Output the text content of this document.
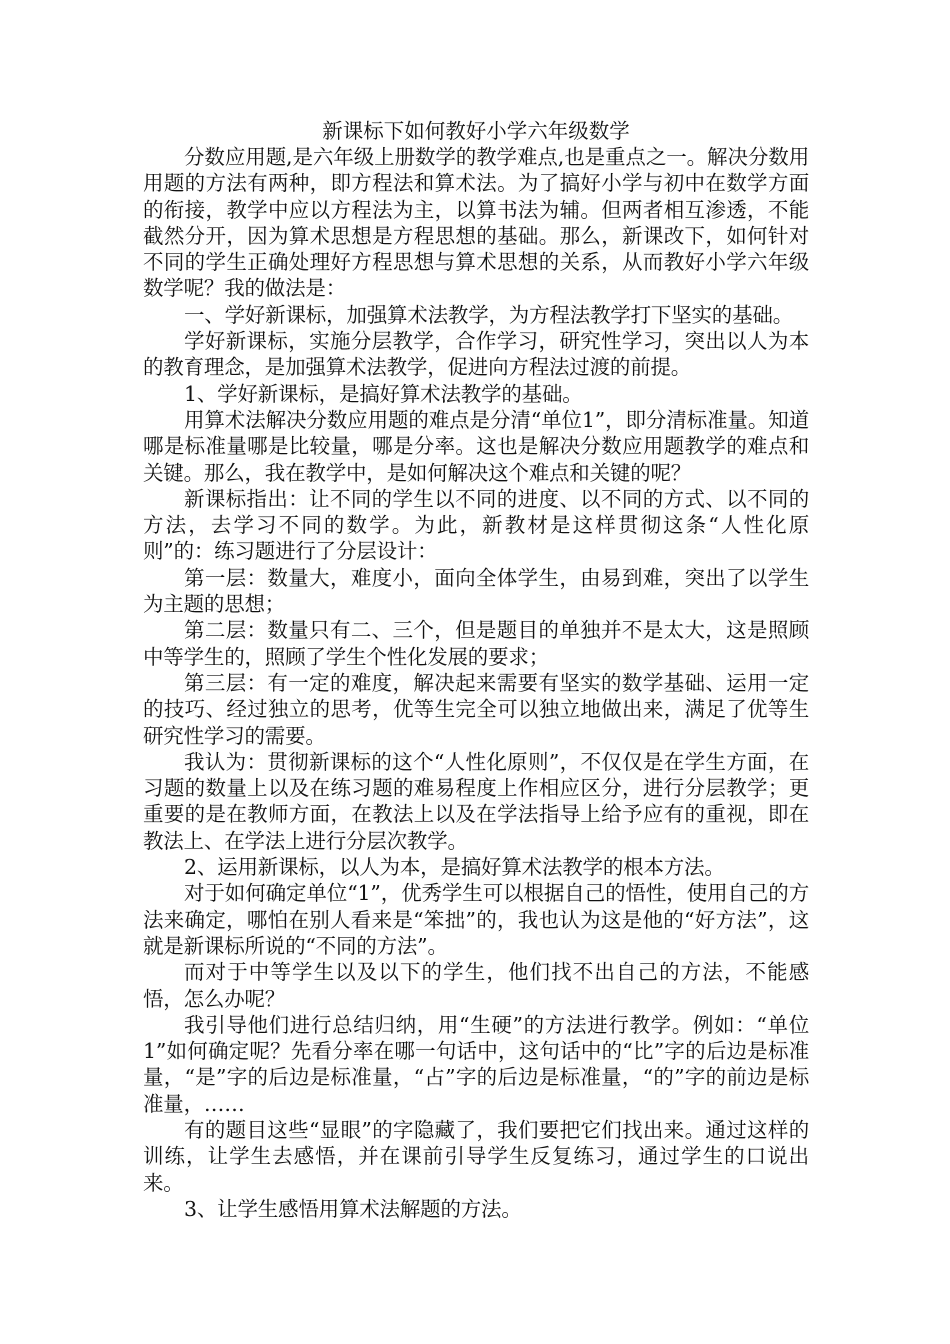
新课标下如何教好小学六年级数学

分数应用题,是六年级上册数学的教学难点,也是重点之一。解决分数用用题的方法有两种，即方程法和算术法。为了搞好小学与初中在数学方面的衔接，教学中应以方程法为主，以算书法为辅。但两者相互渗透，不能截然分开，因为算术思想是方程思想的基础。那么，新课改下，如何针对不同的学生正确处理好方程思想与算术思想的关系，从而教好小学六年级数学呢？我的做法是：

一、学好新课标，加强算术法教学，为方程法教学打下坚实的基础。

学好新课标，实施分层教学，合作学习，研究性学习，突出以人为本的教育理念，是加强算术法教学，促进向方程法过渡的前提。

1、学好新课标，是搞好算术法教学的基础。

用算术法解决分数应用题的难点是分清“单位1”，即分清标准量。知道哪是标准量哪是比较量，哪是分率。这也是解决分数应用题教学的难点和关键。那么，我在教学中，是如何解决这个难点和关键的呢？

新课标指出：让不同的学生以不同的进度、以不同的方式、以不同的方法，去学习不同的数学。为此，新教材是这样贯彻这条“人性化原则”的：练习题进行了分层设计：

第一层：数量大，难度小，面向全体学生，由易到难，突出了以学生为主题的思想；

第二层：数量只有二、三个，但是题目的单独并不是太大，这是照顾中等学生的，照顾了学生个性化发展的要求；

第三层：有一定的难度，解决起来需要有坚实的数学基础、运用一定的技巧、经过独立的思考，优等生完全可以独立地做出来，满足了优等生研究性学习的需要。

我认为：贯彻新课标的这个“人性化原则”，不仅仅是在学生方面，在习题的数量上以及在练习题的难易程度上作相应区分，进行分层教学；更重要的是在教师方面，在教法上以及在学法指导上给予应有的重视，即在教法上、在学法上进行分层次教学。

2、运用新课标，以人为本，是搞好算术法教学的根本方法。

对于如何确定单位“1”，优秀学生可以根据自己的悟性，使用自己的方法来确定，哪怕在别人看来是“笨拙”的，我也认为这是他的“好方法”，这就是新课标所说的“不同的方法”。

而对于中等学生以及以下的学生，他们找不出自己的方法，不能感悟，怎么办呢？

我引导他们进行总结归纳，用“生硬”的方法进行教学。例如：“单位1”如何确定呢？先看分率在哪一句话中，这句话中的“比”字的后边是标准量，“是”字的后边是标准量，“占”字的后边是标准量，“的”字的前边是标准量，……

有的题目这些“显眼”的字隐藏了，我们要把它们找出来。通过这样的训练，让学生去感悟，并在课前引导学生反复练习，通过学生的口说出来。

3、让学生感悟用算术法解题的方法。
